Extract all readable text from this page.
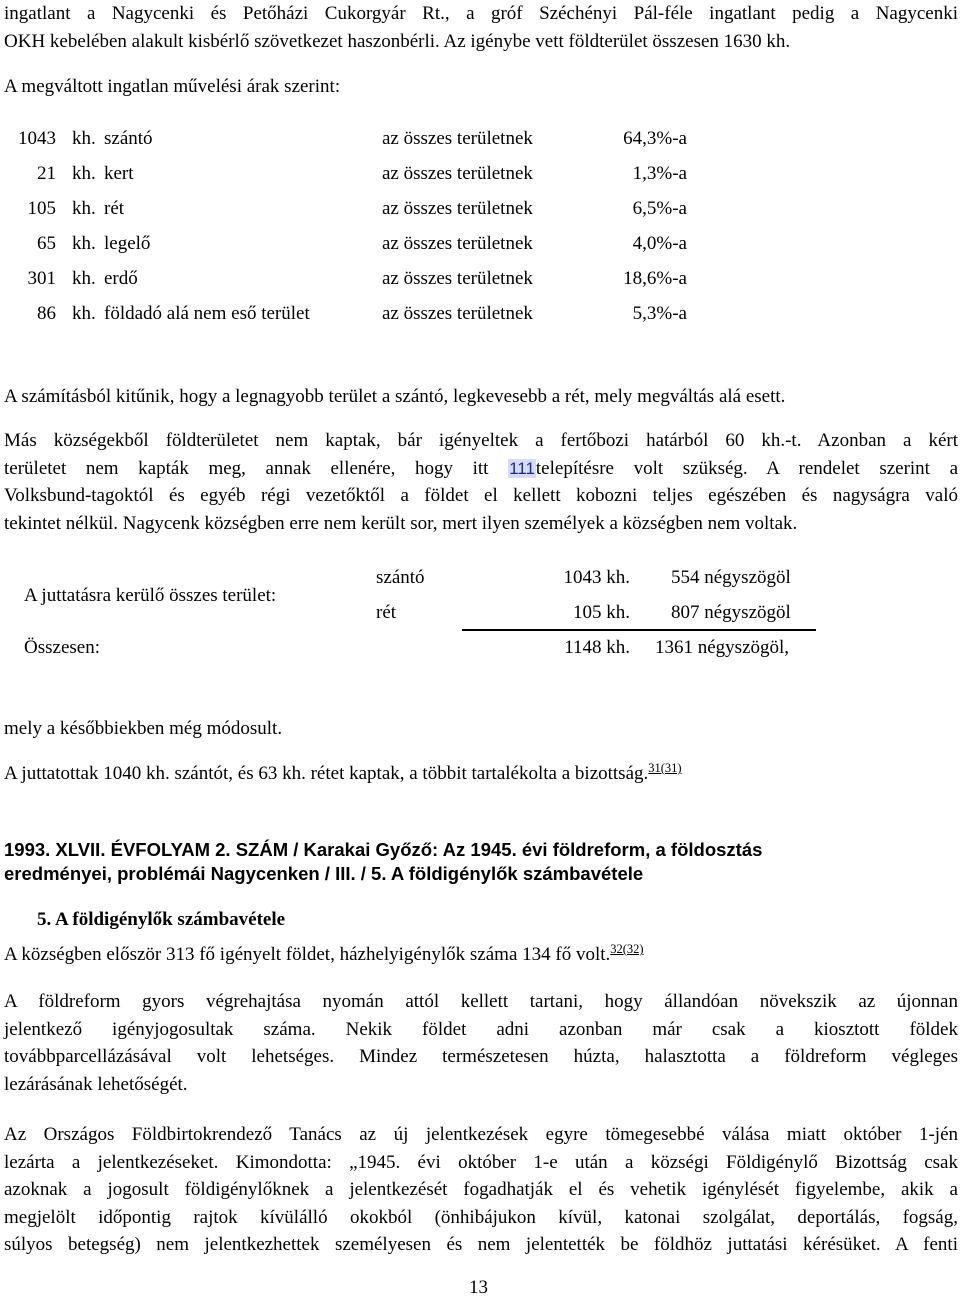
ingatlant a Nagycenki és Petőházi Cukorgyár Rt., a gróf Széchényi Pál-féle ingatlant pedig a Nagycenki
OKH kebelében alakult kisbérlő szövetkezet haszonbérli. Az igénybe vett földterület összesen 1630 kh.
A megváltott ingatlan művelési árak szerint:
1043 kh. szántó	az összes területnek	64,3%-a
21 kh. kert	az összes területnek	1,3%-a
105 kh. rét	az összes területnek	6,5%-a
65 kh. legelő	az összes területnek	4,0%-a
301 kh. erdő	az összes területnek	18,6%-a
86 kh. földadó alá nem eső terület	az összes területnek	5,3%-a
A számításból kitűnik, hogy a legnagyobb terület a szántó, legkevesebb a rét, mely megváltás alá esett.
Más községekből földterületet nem kaptak, bár igényeltek a fertőbozi határból 60 kh.-t. Azonban a kért
területet nem kapták meg, annak ellenére, hogy itt 111telepítésre volt szükség. A rendelet szerint a
Volksbund-tagoktól és egyéb régi vezetőktől a földet el kellett kobozni teljes egészében és nagyságra való
tekintet nélkül. Nagycenk községben erre nem került sor, mert ilyen személyek a községben nem voltak.
A juttatásra kerülő összes terület:
szántó	1043 kh. 554 négyszögöl
rét	105 kh. 807 négyszögöl
Összesen:	1148 kh. 1361 négyszögöl,
mely a későbbiekben még módosult.
A juttatottak 1040 kh. szántót, és 63 kh. rétet kaptak, a többit tartalékolta a bizottság.$^{31(31)}$
1993. XLVII. ÉVFOLYAM 2. SZÁM / Karakai Győző: Az 1945. évi földreform, a földosztás
eredményei, problémái Nagycenken / III. / 5. A földigénylők számbavétele
5. A földigénylők számbavétele
A községben először 313 fő igényelt földet, házhelyigénylők száma 134 fő volt.$^{32(32)}$
A földreform gyors végrehajtása nyomán attól kellett tartani, hogy állandóan növekszik az újonnan
jelentkező igényjogosultak száma. Nekik földet adni azonban már csak a kiosztott földek
továbbparcellázásával volt lehetséges. Mindez természetesen húzta, halasztotta a földreform végleges
lezárásának lehetőségét.
Az Országos Földbirtokrendező Tanács az új jelentkezések egyre tömegesebbé válása miatt október 1-jén
lezárta a jelentkezéseket. Kimondotta: „1945. évi október 1-e után a községi Földigénylő Bizottság csak
azoknak a jogosult földigénylőknek a jelentkezését fogadhatják el és vehetik igénylését figyelembe, akik a
megjelölt időpontig rajtok kívülálló okokból (önhibájukon kívül, katonai szolgálat, deportálás, fogság,
súlyos betegség) nem jelentkezhettek személyesen és nem jelentették be földhöz juttatási kérésüket. A fenti
13
